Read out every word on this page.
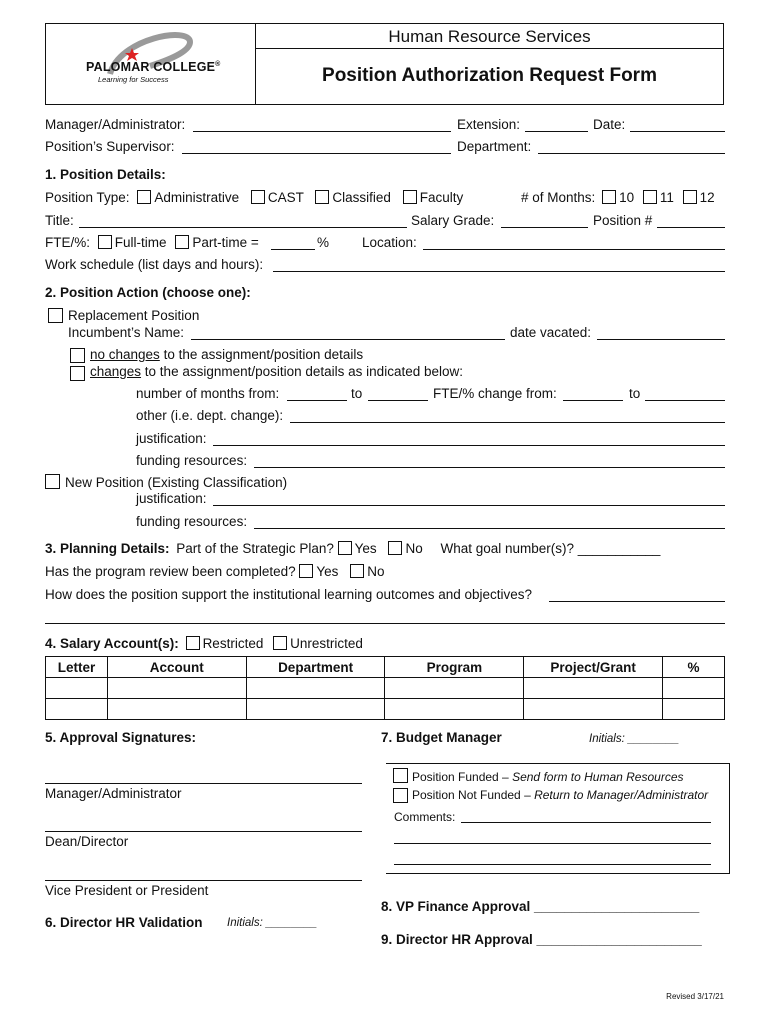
PALOMAR COLLEGE®
Learning for Success
Human Resource Services
Position Authorization Request Form
Manager/Administrator:	Extension:	Date:
Position’s Supervisor:	Department:
1. Position Details:
Position Type: Administrative CAST Classified Faculty	# of Months: 10 11 12
Title:	Salary Grade:	Position #
FTE/%: Full-time Part-time =	% Location:
Work schedule (list days and hours):
2. Position Action (choose one):
Replacement Position
Incumbent’s Name:	date vacated:
no changes to the assignment/position details
changes to the assignment/position details as indicated below:
number of months from:	to	FTE/% change from:	to
other (i.e. dept. change):
justification:
funding resources:
New Position (Existing Classification)
justification:
funding resources:
3. Planning Details: Part of the Strategic Plan? Yes No What goal number(s)? ___________
Has the program review been completed? Yes No
How does the position support the institutional learning outcomes and objectives?
4. Salary Account(s): Restricted Unrestricted
Letter	Account	Department	Program	Project/Grant	%

5. Approval Signatures:
Manager/Administrator
Dean/Director
Vice President or President
6. Director HR Validation Initials: ________
7. Budget Manager	Initials: ________
Position Funded – Send form to Human Resources
Position Not Funded – Return to Manager/Administrator
Comments:
8. VP Finance Approval ______________________
9. Director HR Approval ______________________
Revised 3/17/21
